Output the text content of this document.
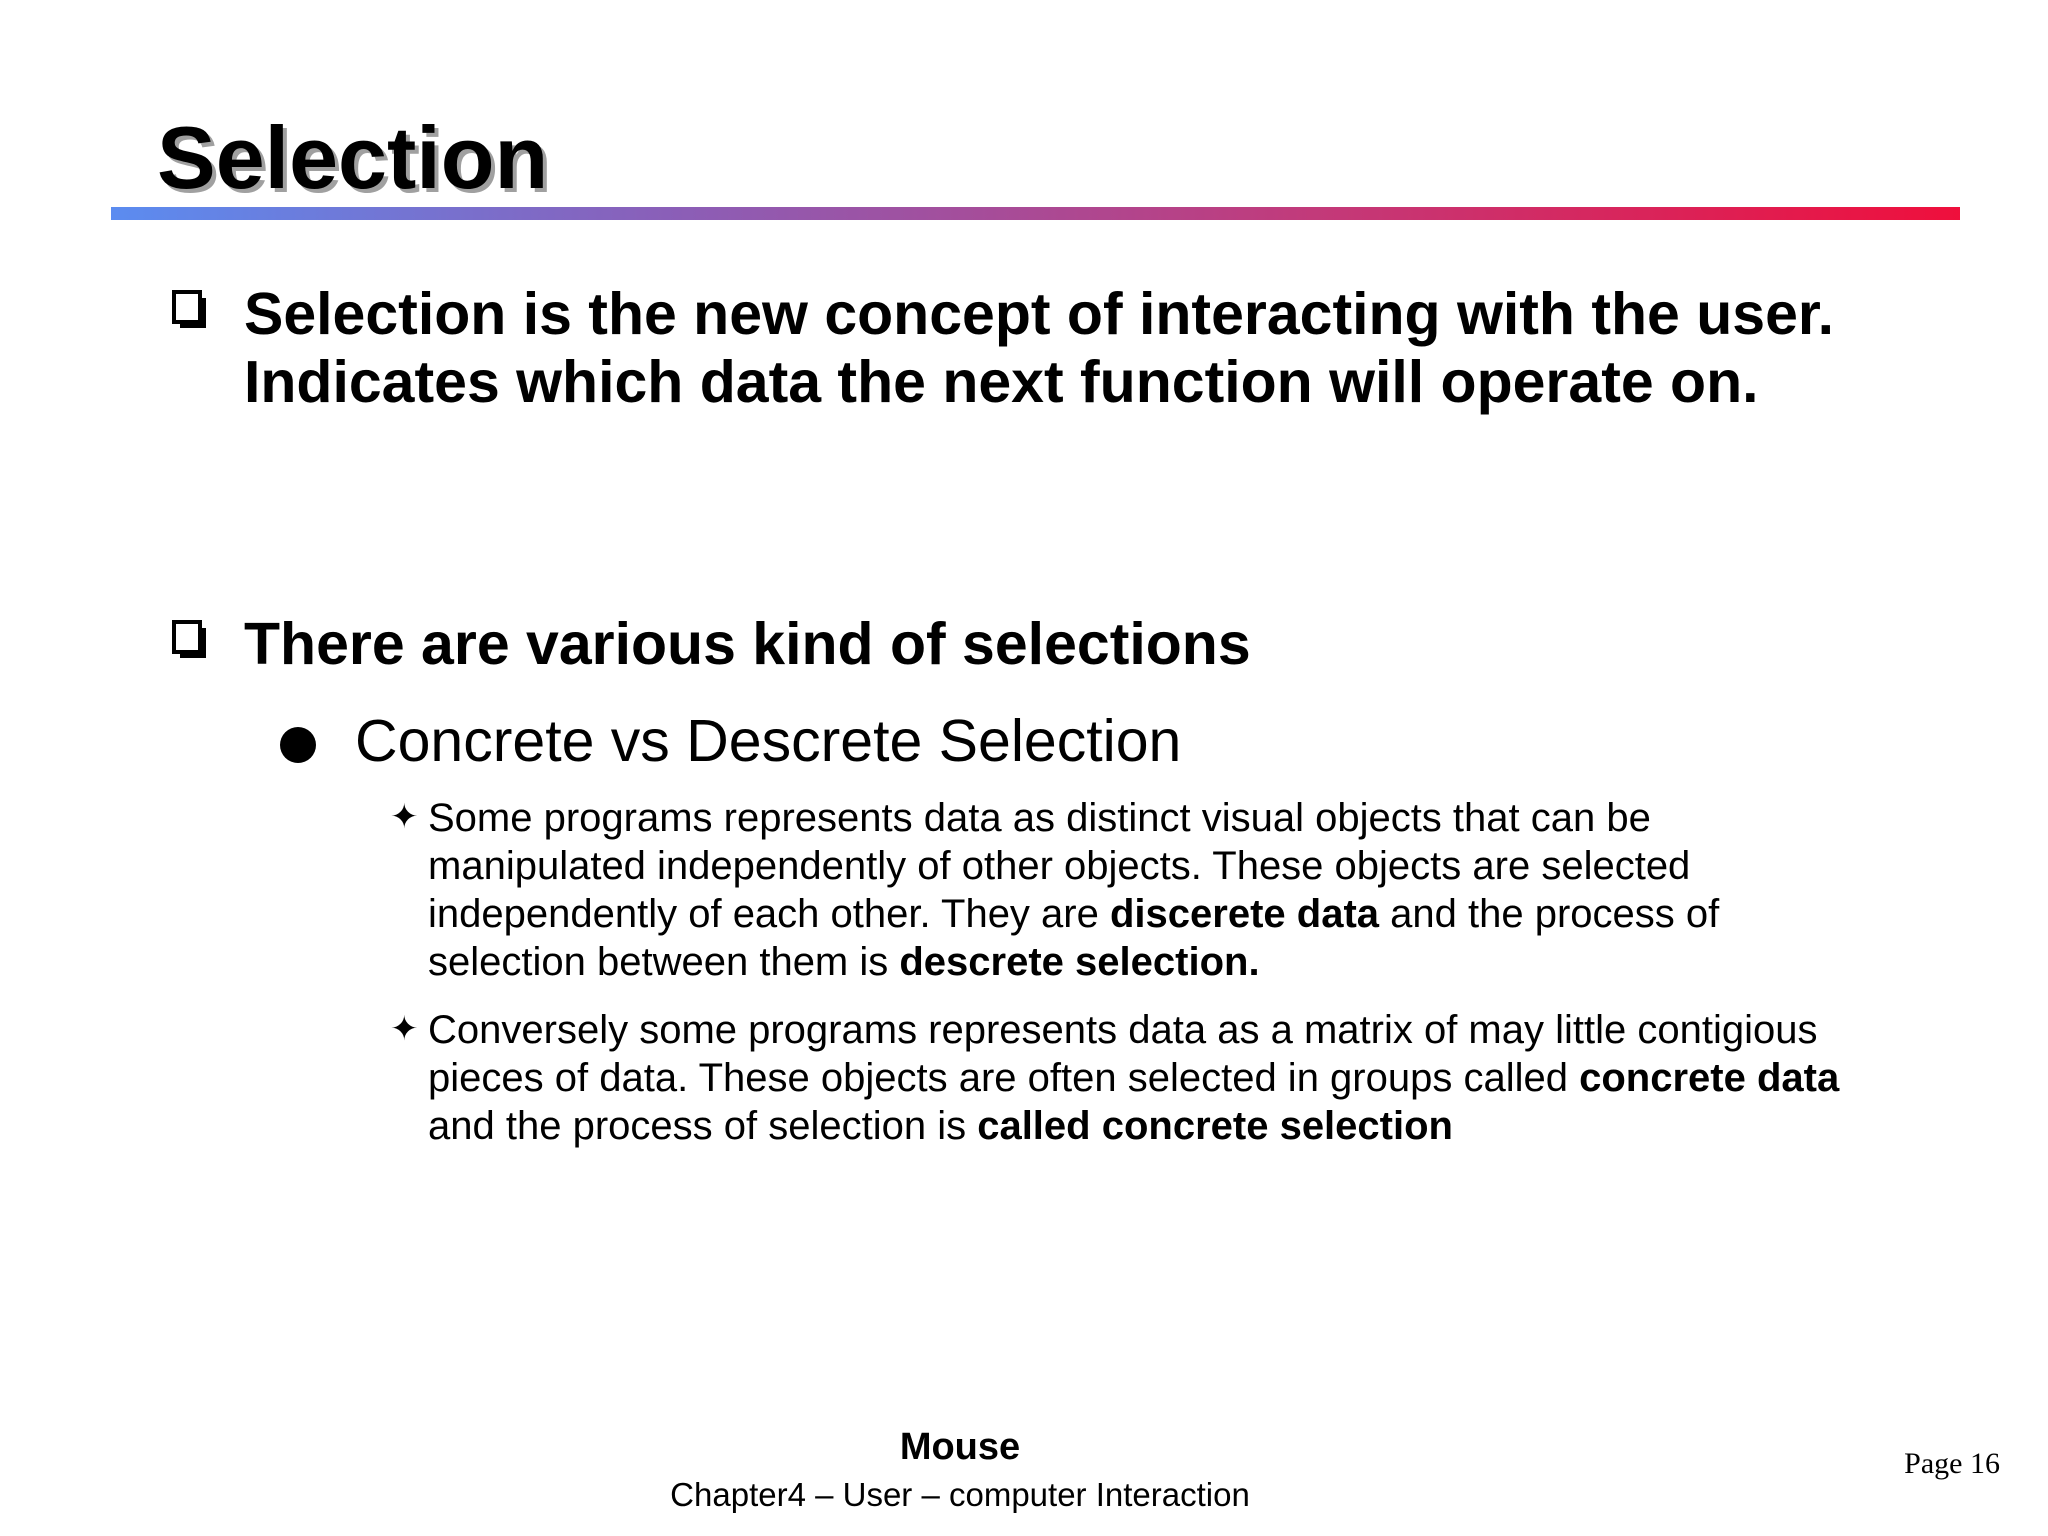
Selection
Selection is the new concept of interacting with the user. Indicates which data the next function will operate on.
There are various kind of selections
Concrete vs Descrete Selection
✦ Some programs represents data as distinct visual objects that can be manipulated independently of other objects. These objects are selected independently of each other. They are discerete data and the process of selection between them is descrete selection.
✦ Conversely some programs represents data as a matrix of may little contigious pieces of data. These objects are often selected in groups called concrete data and the process of selection is called concrete selection
Mouse
Chapter4 – User – computer Interaction
Page 16
